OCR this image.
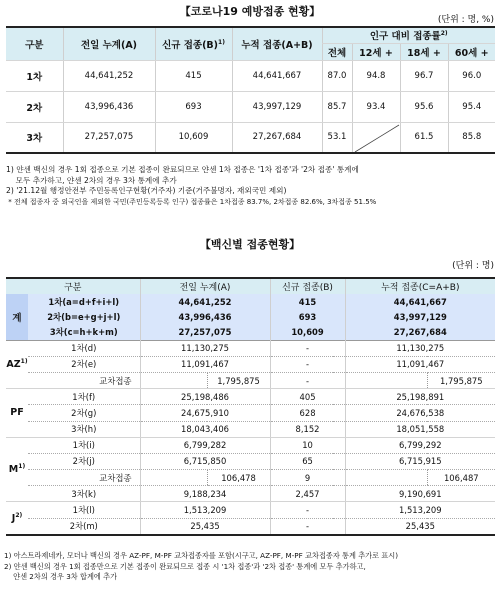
【코로나19 예방접종 현황】
(단위 : 명, %)
구분	전일 누계(A)	신규 접종$(B)^{1)}$	누적 접종(A+B)	인구 대비 접종률$^{2)}$
				전체	12세 +	18세 +	60세 +
1차	44,641,252	415	44,641,667	87.0	94.8	96.7	96.0
2차	43,996,436	693	43,997,129	85.7	93.4	95.6	95.4
3차	27,257,075	10,609	27,267,684	53.1		61.5	85.8
1) 얀센 백신의 경우 1회 접종으로 기본 접종이 완료되므로 얀센 1차 접종은 '1차 접종'과 '2차 접종' 통계에
모두 추가하고, 얀센 2차의 경우 3차 통계에 추가
2) '21.12월 행정안전부 주민등록인구현황(거주자) 기준(거주불명자, 재외국민 제외)
* 전체 접종자 중 외국인을 제외한 국민(주민등록등록 인구) 접종률은 1차접종 83.7%, 2차접종 82.6%, 3차접종 51.5%
【백신별 접종현황】
(단위 : 명)
구분		전일 누계(A)		신규 접종(B)	누적 접종(C=A+B)	
계	1차(a=d+f+i+l)	44,641,252		415	44,641,667	
	2차(b=e+g+j+l)	43,996,436		693	43,997,129	
	3차(c=h+k+m)	27,257,075		10,609	27,267,684	
AZ$^{1)}$	1차(d)	11,130,275		-	11,130,275	
	2차(e)	11,091,467		-	11,091,467	
	교차접종		1,795,875	-		1,795,875
PF	1차(f)	25,198,486		405	25,198,891	
	2차(g)	24,675,910		628	24,676,538	
	3차(h)	18,043,406		8,152	18,051,558	
$M^{1)}$	1차(i)	6,799,282		10	6,799,292	
	2차(j)	6,715,850		65	6,715,915	
	교차접종		106,478	9		106,487
	3차(k)	9,188,234		2,457	9,190,691	
$J^{2)}$	1차(l)	1,513,209		-	1,513,209	
	2차(m)	25,435		-	25,435	
1) 아스트라제네카, 모더나 백신의 경우 AZ-PF, M-PF 교차접종자를 포함(시구고, AZ-PF, M-PF 교차접종자 통계 추가로 표시)
2) 얀센 백신의 경우 1회 접종만으로 기본 접종이 완료되므로 접종 시 '1차 접종'과 '2차 접종' 통계에 모두 추가하고,
얀센 2차의 경우 3차 합계에 추가
